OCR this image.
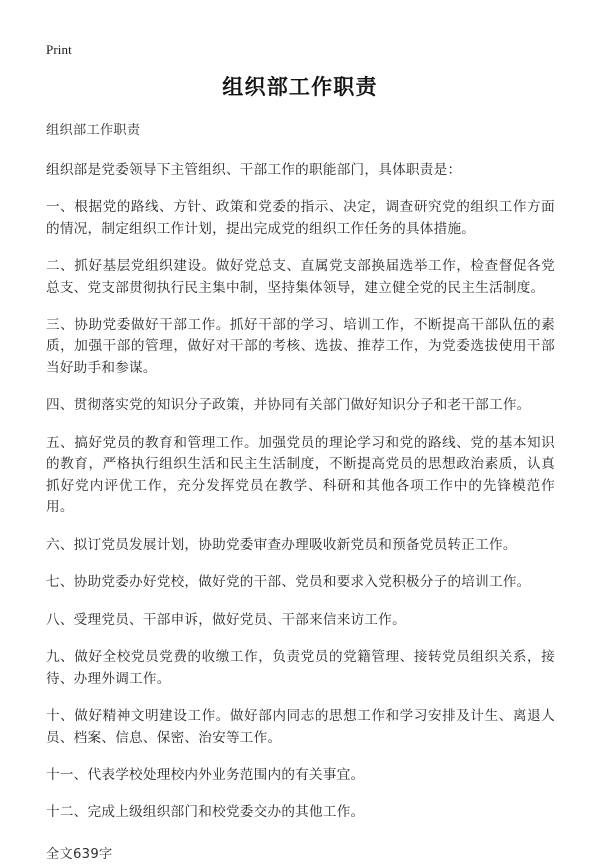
Print
组织部工作职责

组织部工作职责

组织部是党委领导下主管组织、干部工作的职能部门，具体职责是：

一、根据党的路线、方针、政策和党委的指示、决定，调查研究党的组织工作方面的情况，制定组织工作计划，提出完成党的组织工作任务的具体措施。

二、抓好基层党组织建设。做好党总支、直属党支部换届选举工作，检查督促各党总支、党支部贯彻执行民主集中制，坚持集体领导，建立健全党的民主生活制度。

三、协助党委做好干部工作。抓好干部的学习、培训工作，不断提高干部队伍的素质，加强干部的管理，做好对干部的考核、选拔、推荐工作，为党委选拔使用干部当好助手和参谋。

四、贯彻落实党的知识分子政策，并协同有关部门做好知识分子和老干部工作。

五、搞好党员的教育和管理工作。加强党员的理论学习和党的路线、党的基本知识的教育，严格执行组织生活和民主生活制度，不断提高党员的思想政治素质，认真抓好党内评优工作，充分发挥党员在教学、科研和其他各项工作中的先锋模范作用。

六、拟订党员发展计划，协助党委审查办理吸收新党员和预备党员转正工作。

七、协助党委办好党校，做好党的干部、党员和要求入党积极分子的培训工作。

八、受理党员、干部申诉，做好党员、干部来信来访工作。

九、做好全校党员党费的收缴工作，负责党员的党籍管理、接转党员组织关系，接待、办理外调工作。

十、做好精神文明建设工作。做好部内同志的思想工作和学习安排及计生、离退人员、档案、信息、保密、治安等工作。

十一、代表学校处理校内外业务范围内的有关事宜。

十二、完成上级组织部门和校党委交办的其他工作。

全文639字
